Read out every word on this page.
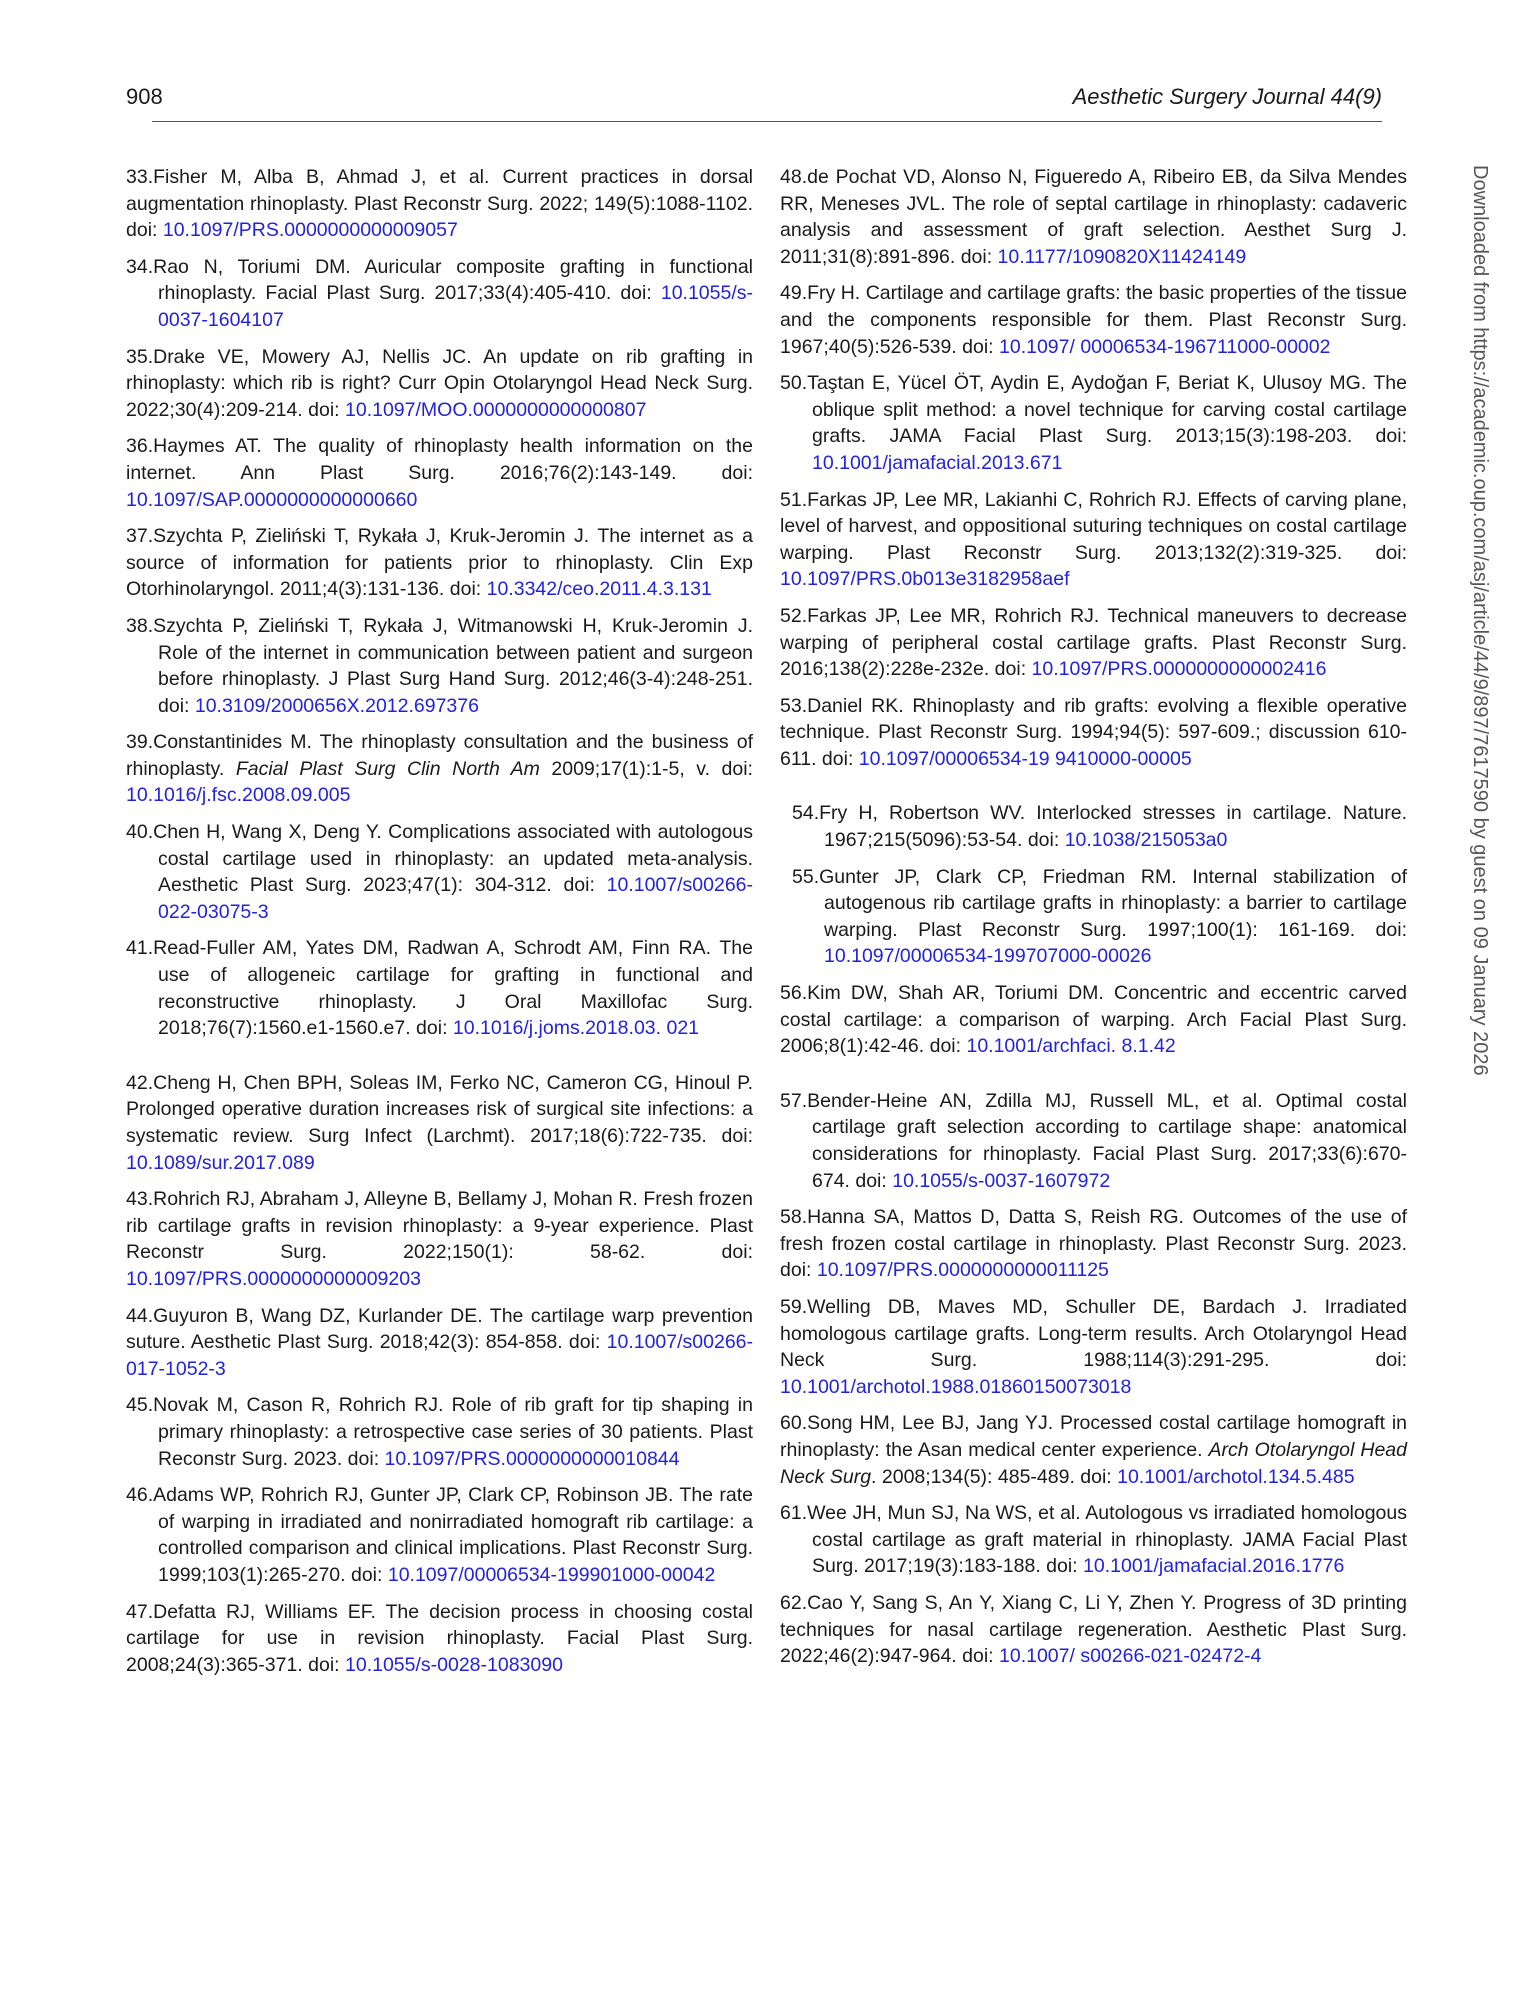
908	Aesthetic Surgery Journal 44(9)

33.Fisher M, Alba B, Ahmad J, et al. Current practices in dorsal augmentation rhinoplasty. Plast Reconstr Surg. 2022; 149(5):1088-1102. doi: 10.1097/PRS.0000000000009057

34.Rao N, Toriumi DM. Auricular composite grafting in functional rhinoplasty. Facial Plast Surg. 2017;33(4):405-410. doi: 10.1055/s-0037-1604107

35.Drake VE, Mowery AJ, Nellis JC. An update on rib grafting in rhinoplasty: which rib is right? Curr Opin Otolaryngol Head Neck Surg. 2022;30(4):209-214. doi: 10.1097/MOO.0000000000000807

36.Haymes AT. The quality of rhinoplasty health information on the internet. Ann Plast Surg. 2016;76(2):143-149. doi: 10.1097/SAP.0000000000000660

37.Szychta P, Zieliński T, Rykała J, Kruk-Jeromin J. The internet as a source of information for patients prior to rhinoplasty. Clin Exp Otorhinolaryngol. 2011;4(3):131-136. doi: 10.3342/ceo.2011.4.3.131

38.Szychta P, Zieliński T, Rykała J, Witmanowski H, Kruk-Jeromin J. Role of the internet in communication between patient and surgeon before rhinoplasty. J Plast Surg Hand Surg. 2012;46(3-4):248-251. doi: 10.3109/2000656X.2012.697376

39.Constantinides M. The rhinoplasty consultation and the business of rhinoplasty. Facial Plast Surg Clin North Am 2009;17(1):1-5, v. doi: 10.1016/j.fsc.2008.09.005

40.Chen H, Wang X, Deng Y. Complications associated with autologous costal cartilage used in rhinoplasty: an updated meta-analysis. Aesthetic Plast Surg. 2023;47(1): 304-312. doi: 10.1007/s00266-022-03075-3

41.Read-Fuller AM, Yates DM, Radwan A, Schrodt AM, Finn RA. The use of allogeneic cartilage for grafting in functional and reconstructive rhinoplasty. J Oral Maxillofac Surg. 2018;76(7):1560.e1-1560.e7. doi: 10.1016/j.joms.2018.03. 021

42.Cheng H, Chen BPH, Soleas IM, Ferko NC, Cameron CG, Hinoul P. Prolonged operative duration increases risk of surgical site infections: a systematic review. Surg Infect (Larchmt). 2017;18(6):722-735. doi: 10.1089/sur.2017.089

43.Rohrich RJ, Abraham J, Alleyne B, Bellamy J, Mohan R. Fresh frozen rib cartilage grafts in revision rhinoplasty: a 9-year experience. Plast Reconstr Surg. 2022;150(1): 58-62. doi: 10.1097/PRS.0000000000009203

44.Guyuron B, Wang DZ, Kurlander DE. The cartilage warp prevention suture. Aesthetic Plast Surg. 2018;42(3): 854-858. doi: 10.1007/s00266-017-1052-3

45.Novak M, Cason R, Rohrich RJ. Role of rib graft for tip shaping in primary rhinoplasty: a retrospective case series of 30 patients. Plast Reconstr Surg. 2023. doi: 10.1097/PRS.0000000000010844

46.Adams WP, Rohrich RJ, Gunter JP, Clark CP, Robinson JB. The rate of warping in irradiated and nonirradiated homograft rib cartilage: a controlled comparison and clinical implications. Plast Reconstr Surg. 1999;103(1):265-270. doi: 10.1097/00006534-199901000-00042

47.Defatta RJ, Williams EF. The decision process in choosing costal cartilage for use in revision rhinoplasty. Facial Plast Surg. 2008;24(3):365-371. doi: 10.1055/s-0028-1083090

48.de Pochat VD, Alonso N, Figueredo A, Ribeiro EB, da Silva Mendes RR, Meneses JVL. The role of septal cartilage in rhinoplasty: cadaveric analysis and assessment of graft selection. Aesthet Surg J. 2011;31(8):891-896. doi: 10.1177/1090820X11424149

49.Fry H. Cartilage and cartilage grafts: the basic properties of the tissue and the components responsible for them. Plast Reconstr Surg. 1967;40(5):526-539. doi: 10.1097/ 00006534-196711000-00002

50.Taştan E, Yücel ÖT, Aydin E, Aydoğan F, Beriat K, Ulusoy MG. The oblique split method: a novel technique for carving costal cartilage grafts. JAMA Facial Plast Surg. 2013;15(3):198-203. doi: 10.1001/jamafacial.2013.671

51.Farkas JP, Lee MR, Lakianhi C, Rohrich RJ. Effects of carving plane, level of harvest, and oppositional suturing techniques on costal cartilage warping. Plast Reconstr Surg. 2013;132(2):319-325. doi: 10.1097/PRS.0b013e3182958aef

52.Farkas JP, Lee MR, Rohrich RJ. Technical maneuvers to decrease warping of peripheral costal cartilage grafts. Plast Reconstr Surg. 2016;138(2):228e-232e. doi: 10.1097/PRS.0000000000002416

53.Daniel RK. Rhinoplasty and rib grafts: evolving a flexible operative technique. Plast Reconstr Surg. 1994;94(5): 597-609.; discussion 610-611. doi: 10.1097/00006534-19 9410000-00005

54.Fry H, Robertson WV. Interlocked stresses in cartilage. Nature. 1967;215(5096):53-54. doi: 10.1038/215053a0

55.Gunter JP, Clark CP, Friedman RM. Internal stabilization of autogenous rib cartilage grafts in rhinoplasty: a barrier to cartilage warping. Plast Reconstr Surg. 1997;100(1): 161-169. doi: 10.1097/00006534-199707000-00026

56.Kim DW, Shah AR, Toriumi DM. Concentric and eccentric carved costal cartilage: a comparison of warping. Arch Facial Plast Surg. 2006;8(1):42-46. doi: 10.1001/archfaci. 8.1.42

57.Bender-Heine AN, Zdilla MJ, Russell ML, et al. Optimal costal cartilage graft selection according to cartilage shape: anatomical considerations for rhinoplasty. Facial Plast Surg. 2017;33(6):670-674. doi: 10.1055/s-0037-1607972

58.Hanna SA, Mattos D, Datta S, Reish RG. Outcomes of the use of fresh frozen costal cartilage in rhinoplasty. Plast Reconstr Surg. 2023. doi: 10.1097/PRS.0000000000011125

59.Welling DB, Maves MD, Schuller DE, Bardach J. Irradiated homologous cartilage grafts. Long-term results. Arch Otolaryngol Head Neck Surg. 1988;114(3):291-295. doi: 10.1001/archotol.1988.01860150073018

60.Song HM, Lee BJ, Jang YJ. Processed costal cartilage homograft in rhinoplasty: the Asan medical center experience. Arch Otolaryngol Head Neck Surg. 2008;134(5): 485-489. doi: 10.1001/archotol.134.5.485

61.Wee JH, Mun SJ, Na WS, et al. Autologous vs irradiated homologous costal cartilage as graft material in rhinoplasty. JAMA Facial Plast Surg. 2017;19(3):183-188. doi: 10.1001/jamafacial.2016.1776

62.Cao Y, Sang S, An Y, Xiang C, Li Y, Zhen Y. Progress of 3D printing techniques for nasal cartilage regeneration. Aesthetic Plast Surg. 2022;46(2):947-964. doi: 10.1007/ s00266-021-02472-4

Downloaded from https://academic.oup.com/asj/article/44/9/897/7617590 by guest on 09 January 2026
